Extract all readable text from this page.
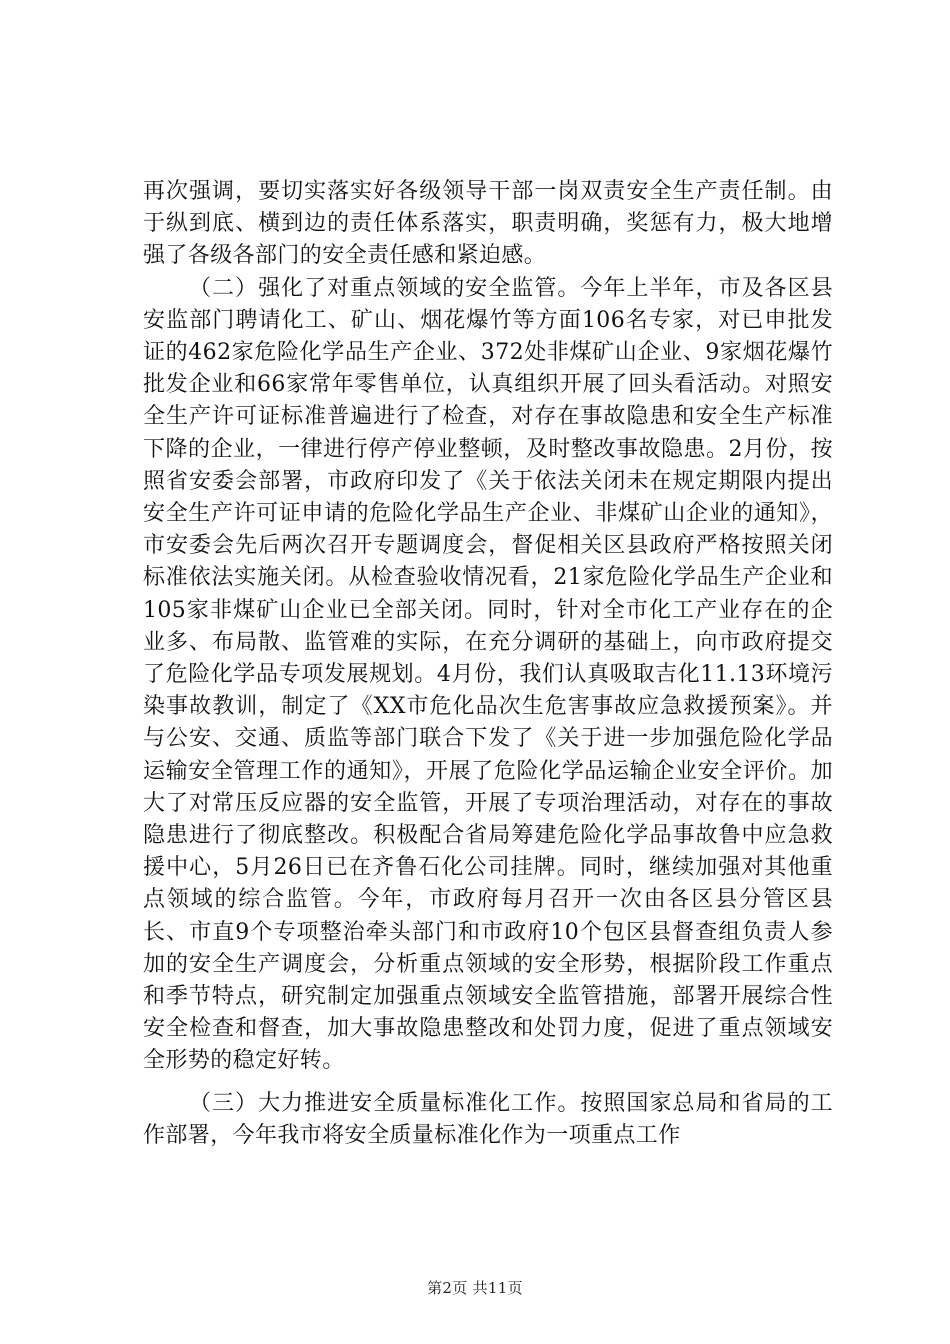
再次强调，要切实落实好各级领导干部一岗双责安全生产责任制。由于纵到底、横到边的责任体系落实，职责明确，奖惩有力，极大地增强了各级各部门的安全责任感和紧迫感。

（二）强化了对重点领域的安全监管。今年上半年，市及各区县安监部门聘请化工、矿山、烟花爆竹等方面106名专家，对已申批发证的462家危险化学品生产企业、372处非煤矿山企业、9家烟花爆竹批发企业和66家常年零售单位，认真组织开展了回头看活动。对照安全生产许可证标准普遍进行了检查，对存在事故隐患和安全生产标准下降的企业，一律进行停产停业整顿，及时整改事故隐患。2月份，按照省安委会部署，市政府印发了《关于依法关闭未在规定期限内提出安全生产许可证申请的危险化学品生产企业、非煤矿山企业的通知》，市安委会先后两次召开专题调度会，督促相关区县政府严格按照关闭标准依法实施关闭。从检查验收情况看，21家危险化学品生产企业和105家非煤矿山企业已全部关闭。同时，针对全市化工产业存在的企业多、布局散、监管难的实际，在充分调研的基础上，向市政府提交了危险化学品专项发展规划。4月份，我们认真吸取吉化11.13环境污染事故教训，制定了《XX市危化品次生危害事故应急救援预案》。并与公安、交通、质监等部门联合下发了《关于进一步加强危险化学品运输安全管理工作的通知》，开展了危险化学品运输企业安全评价。加大了对常压反应器的安全监管，开展了专项治理活动，对存在的事故隐患进行了彻底整改。积极配合省局筹建危险化学品事故鲁中应急救援中心，5月26日已在齐鲁石化公司挂牌。同时，继续加强对其他重点领域的综合监管。今年，市政府每月召开一次由各区县分管区县长、市直9个专项整治牵头部门和市政府10个包区县督查组负责人参加的安全生产调度会，分析重点领域的安全形势，根据阶段工作重点和季节特点，研究制定加强重点领域安全监管措施，部署开展综合性安全检查和督查，加大事故隐患整改和处罚力度，促进了重点领域安全形势的稳定好转。

（三）大力推进安全质量标准化工作。按照国家总局和省局的工作部署，今年我市将安全质量标准化作为一项重点工作

第2页 共11页
